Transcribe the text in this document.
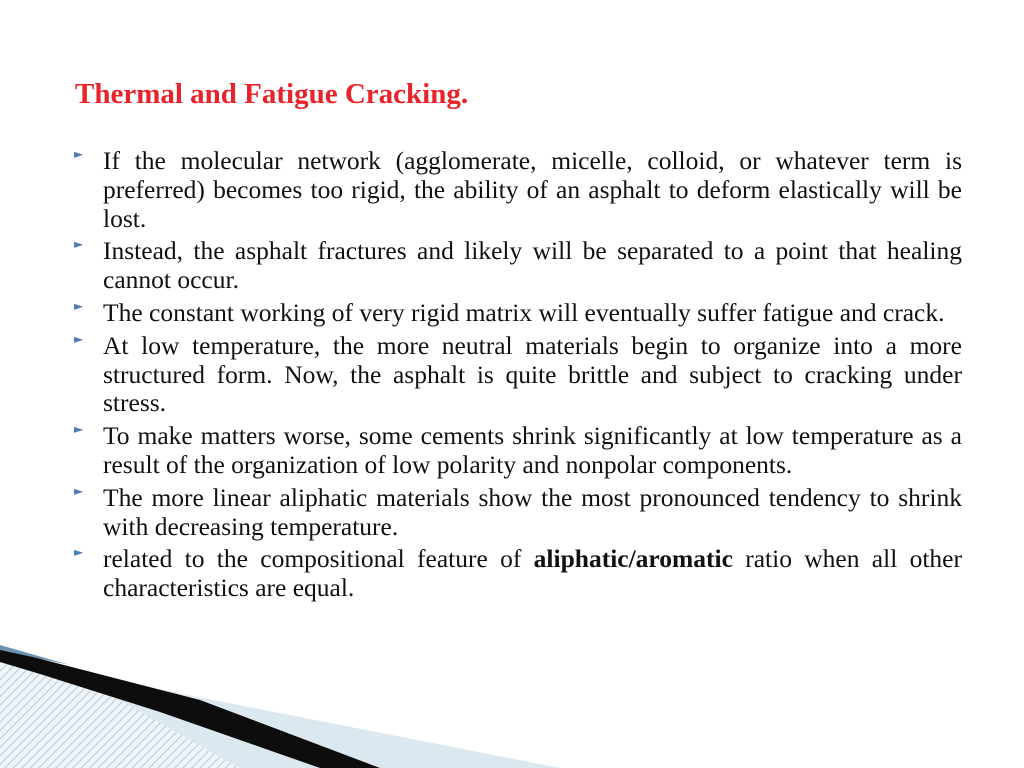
Thermal and Fatigue Cracking.
► If the molecular network (agglomerate, micelle, colloid, or whatever term is preferred) becomes too rigid, the ability of an asphalt to deform elastically will be lost.
► Instead, the asphalt fractures and likely will be separated to a point that healing cannot occur.
► The constant working of very rigid matrix will eventually suffer fatigue and crack.
► At low temperature, the more neutral materials begin to organize into a more structured form. Now, the asphalt is quite brittle and subject to cracking under stress.
► To make matters worse, some cements shrink significantly at low temperature as a result of the organization of low polarity and nonpolar components.
► The more linear aliphatic materials show the most pronounced tendency to shrink with decreasing temperature.
► related to the compositional feature of aliphatic/aromatic ratio when all other characteristics are equal.
